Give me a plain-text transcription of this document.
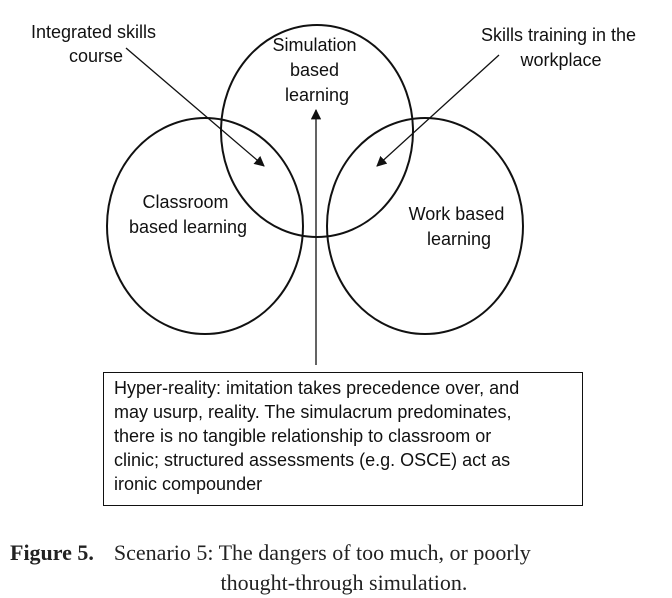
Simulation based learning
Classroom based learning
Work based learning
Integrated skills course
Skills training in the workplace
Hyper-reality: imitation takes precedence over, and
may usurp, reality. The simulacrum predominates,
there is no tangible relationship to classroom or
clinic; structured assessments (e.g. OSCE) act as
ironic compounder
Figure 5. Scenario 5: The dangers of too much, or poorly
thought-through simulation.
